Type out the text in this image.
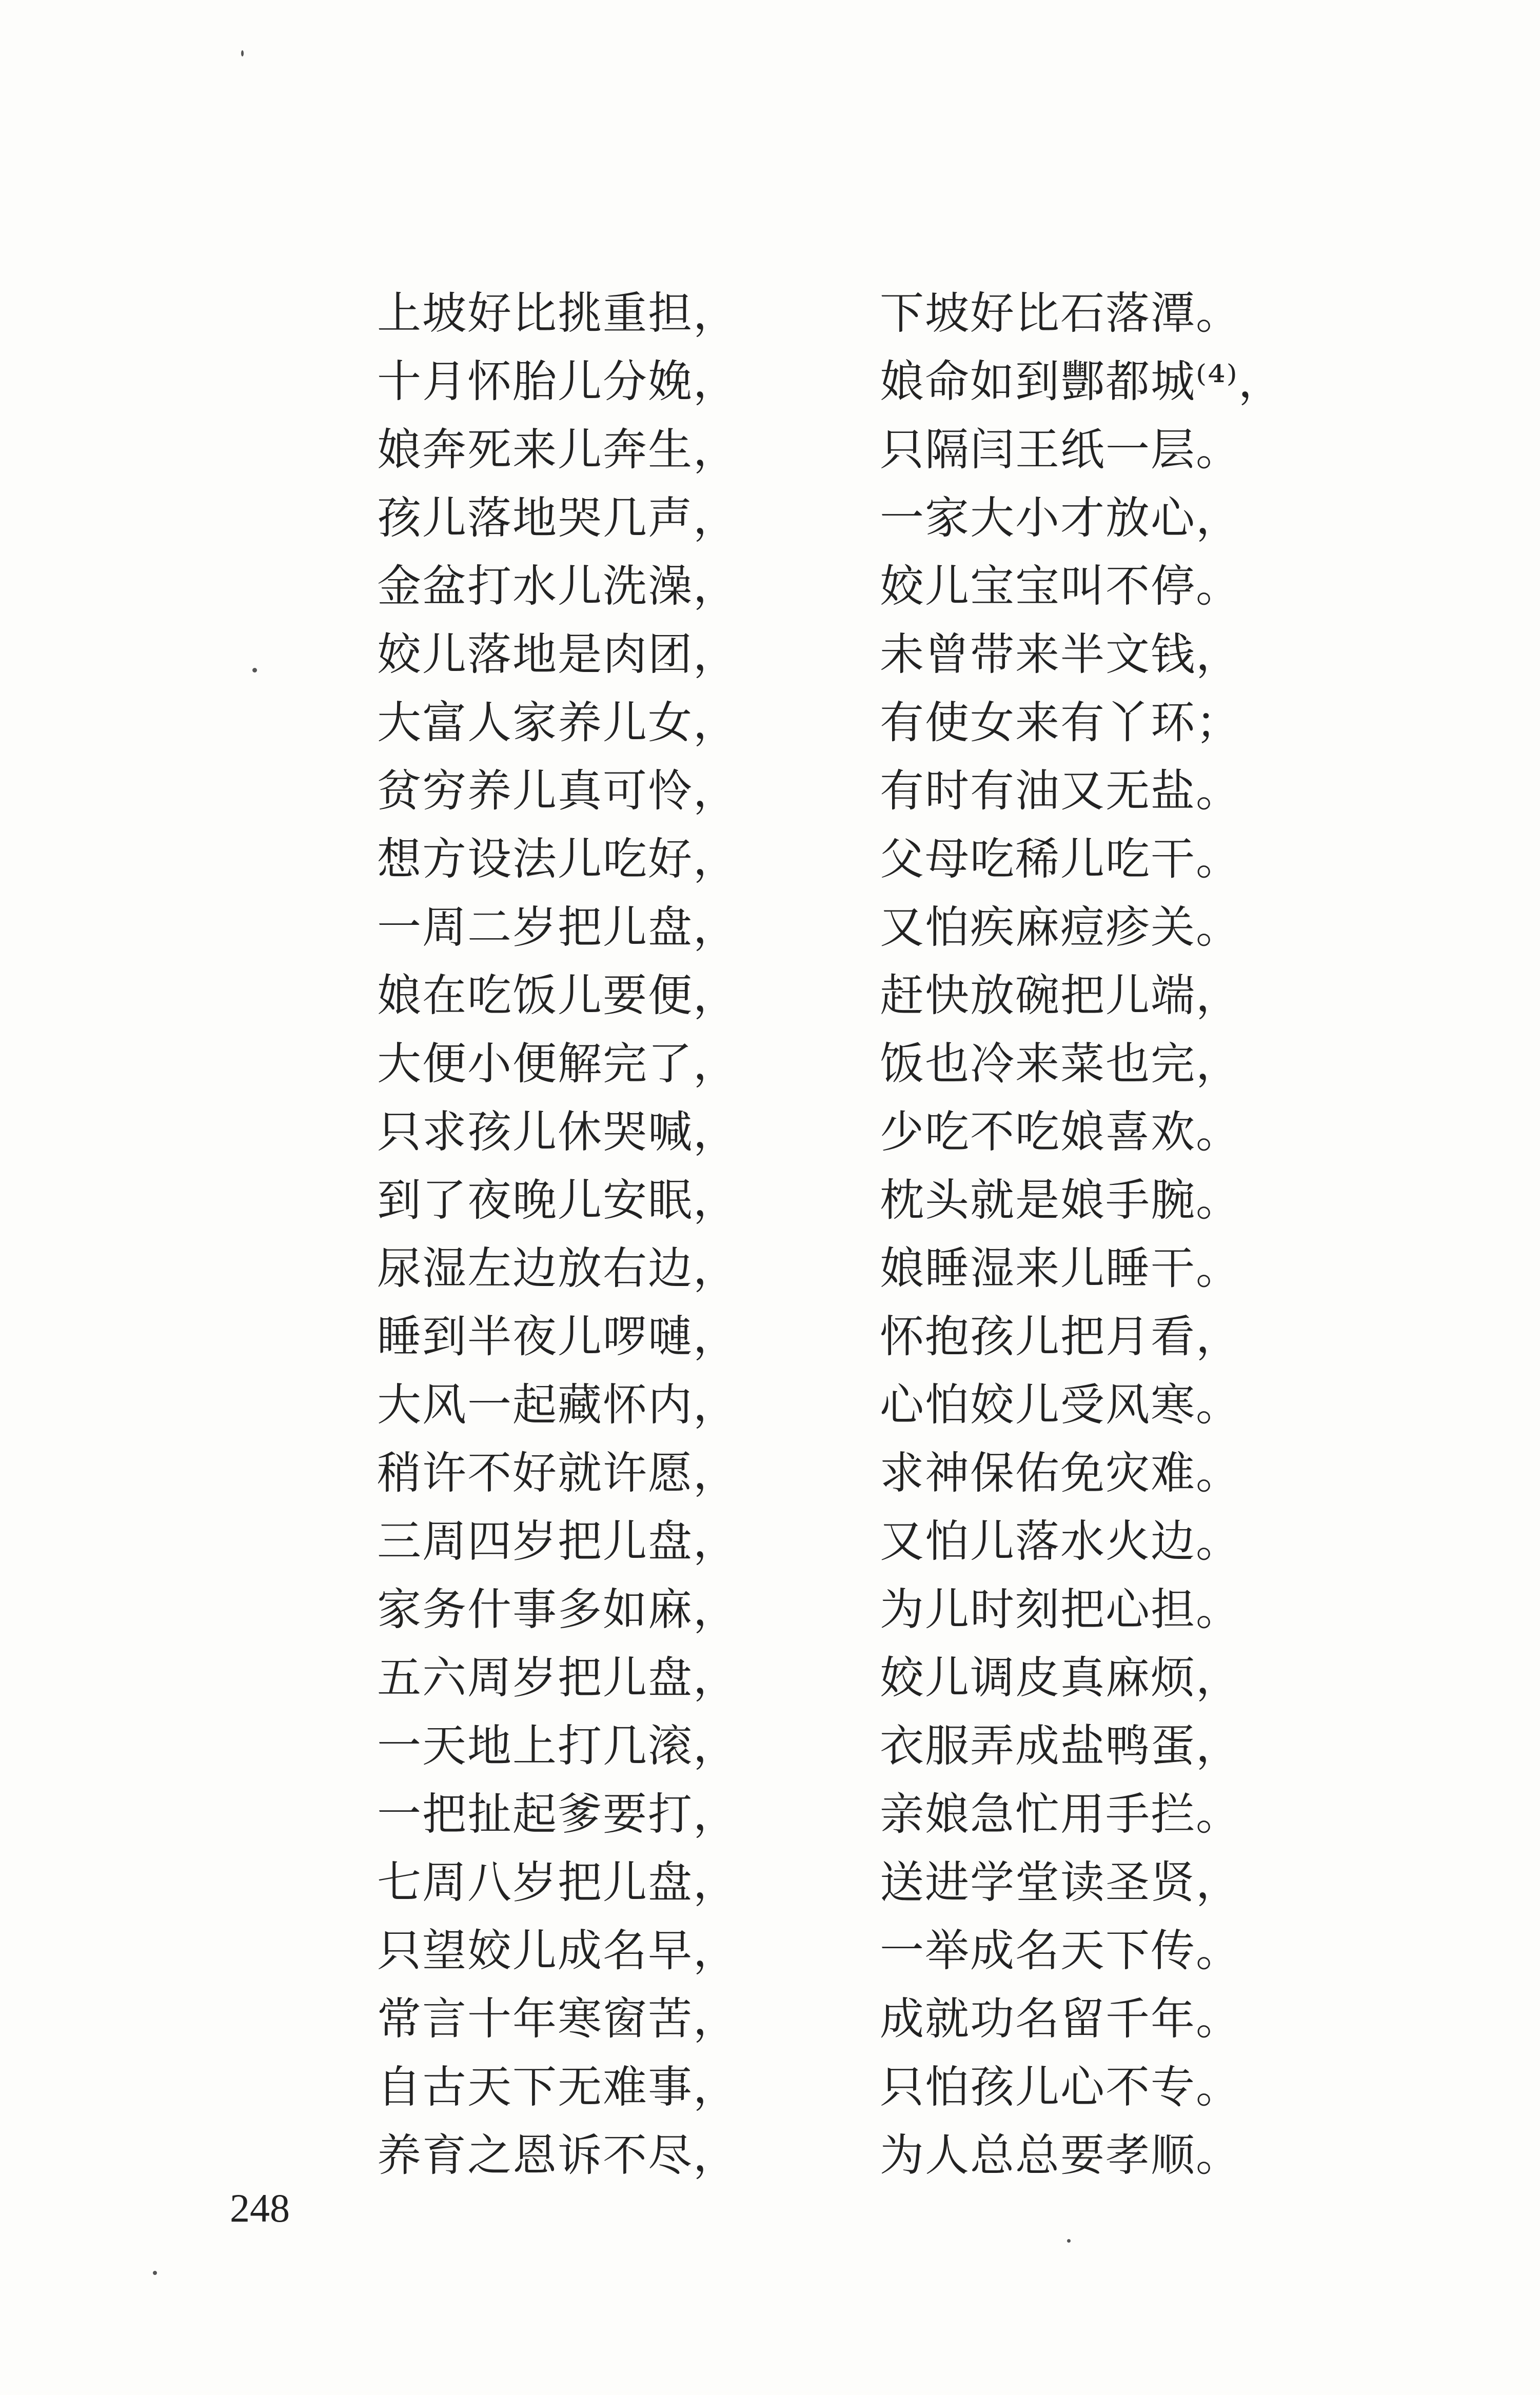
上坡好比挑重担，	下坡好比石落潭。
十月怀胎儿分娩，	娘命如到酆都城⁽⁴⁾，
娘奔死来儿奔生，	只隔闫王纸一层。
孩儿落地哭几声，	一家大小才放心，
金盆打水儿洗澡，	姣儿宝宝叫不停。
姣儿落地是肉团，	未曾带来半文钱，
大富人家养儿女，	有使女来有丫环；
贫穷养儿真可怜，	有时有油又无盐。
想方设法儿吃好，	父母吃稀儿吃干。
一周二岁把儿盘，	又怕疾麻痘疹关。
娘在吃饭儿要便，	赶快放碗把儿端，
大便小便解完了，	饭也冷来菜也完，
只求孩儿休哭喊，	少吃不吃娘喜欢。
到了夜晚儿安眠，	枕头就是娘手腕。
尿湿左边放右边，	娘睡湿来儿睡干。
睡到半夜儿啰嗹，	怀抱孩儿把月看，
大风一起藏怀内，	心怕姣儿受风寒。
稍许不好就许愿，	求神保佑免灾难。
三周四岁把儿盘，	又怕儿落水火边。
家务什事多如麻，	为儿时刻把心担。
五六周岁把儿盘，	姣儿调皮真麻烦，
一天地上打几滚，	衣服弄成盐鸭蛋，
一把扯起爹要打，	亲娘急忙用手拦。
七周八岁把儿盘，	送进学堂读圣贤，
只望姣儿成名早，	一举成名天下传。
常言十年寒窗苦，	成就功名留千年。
自古天下无难事，	只怕孩儿心不专。
养育之恩诉不尽，	为人总总要孝顺。
248
